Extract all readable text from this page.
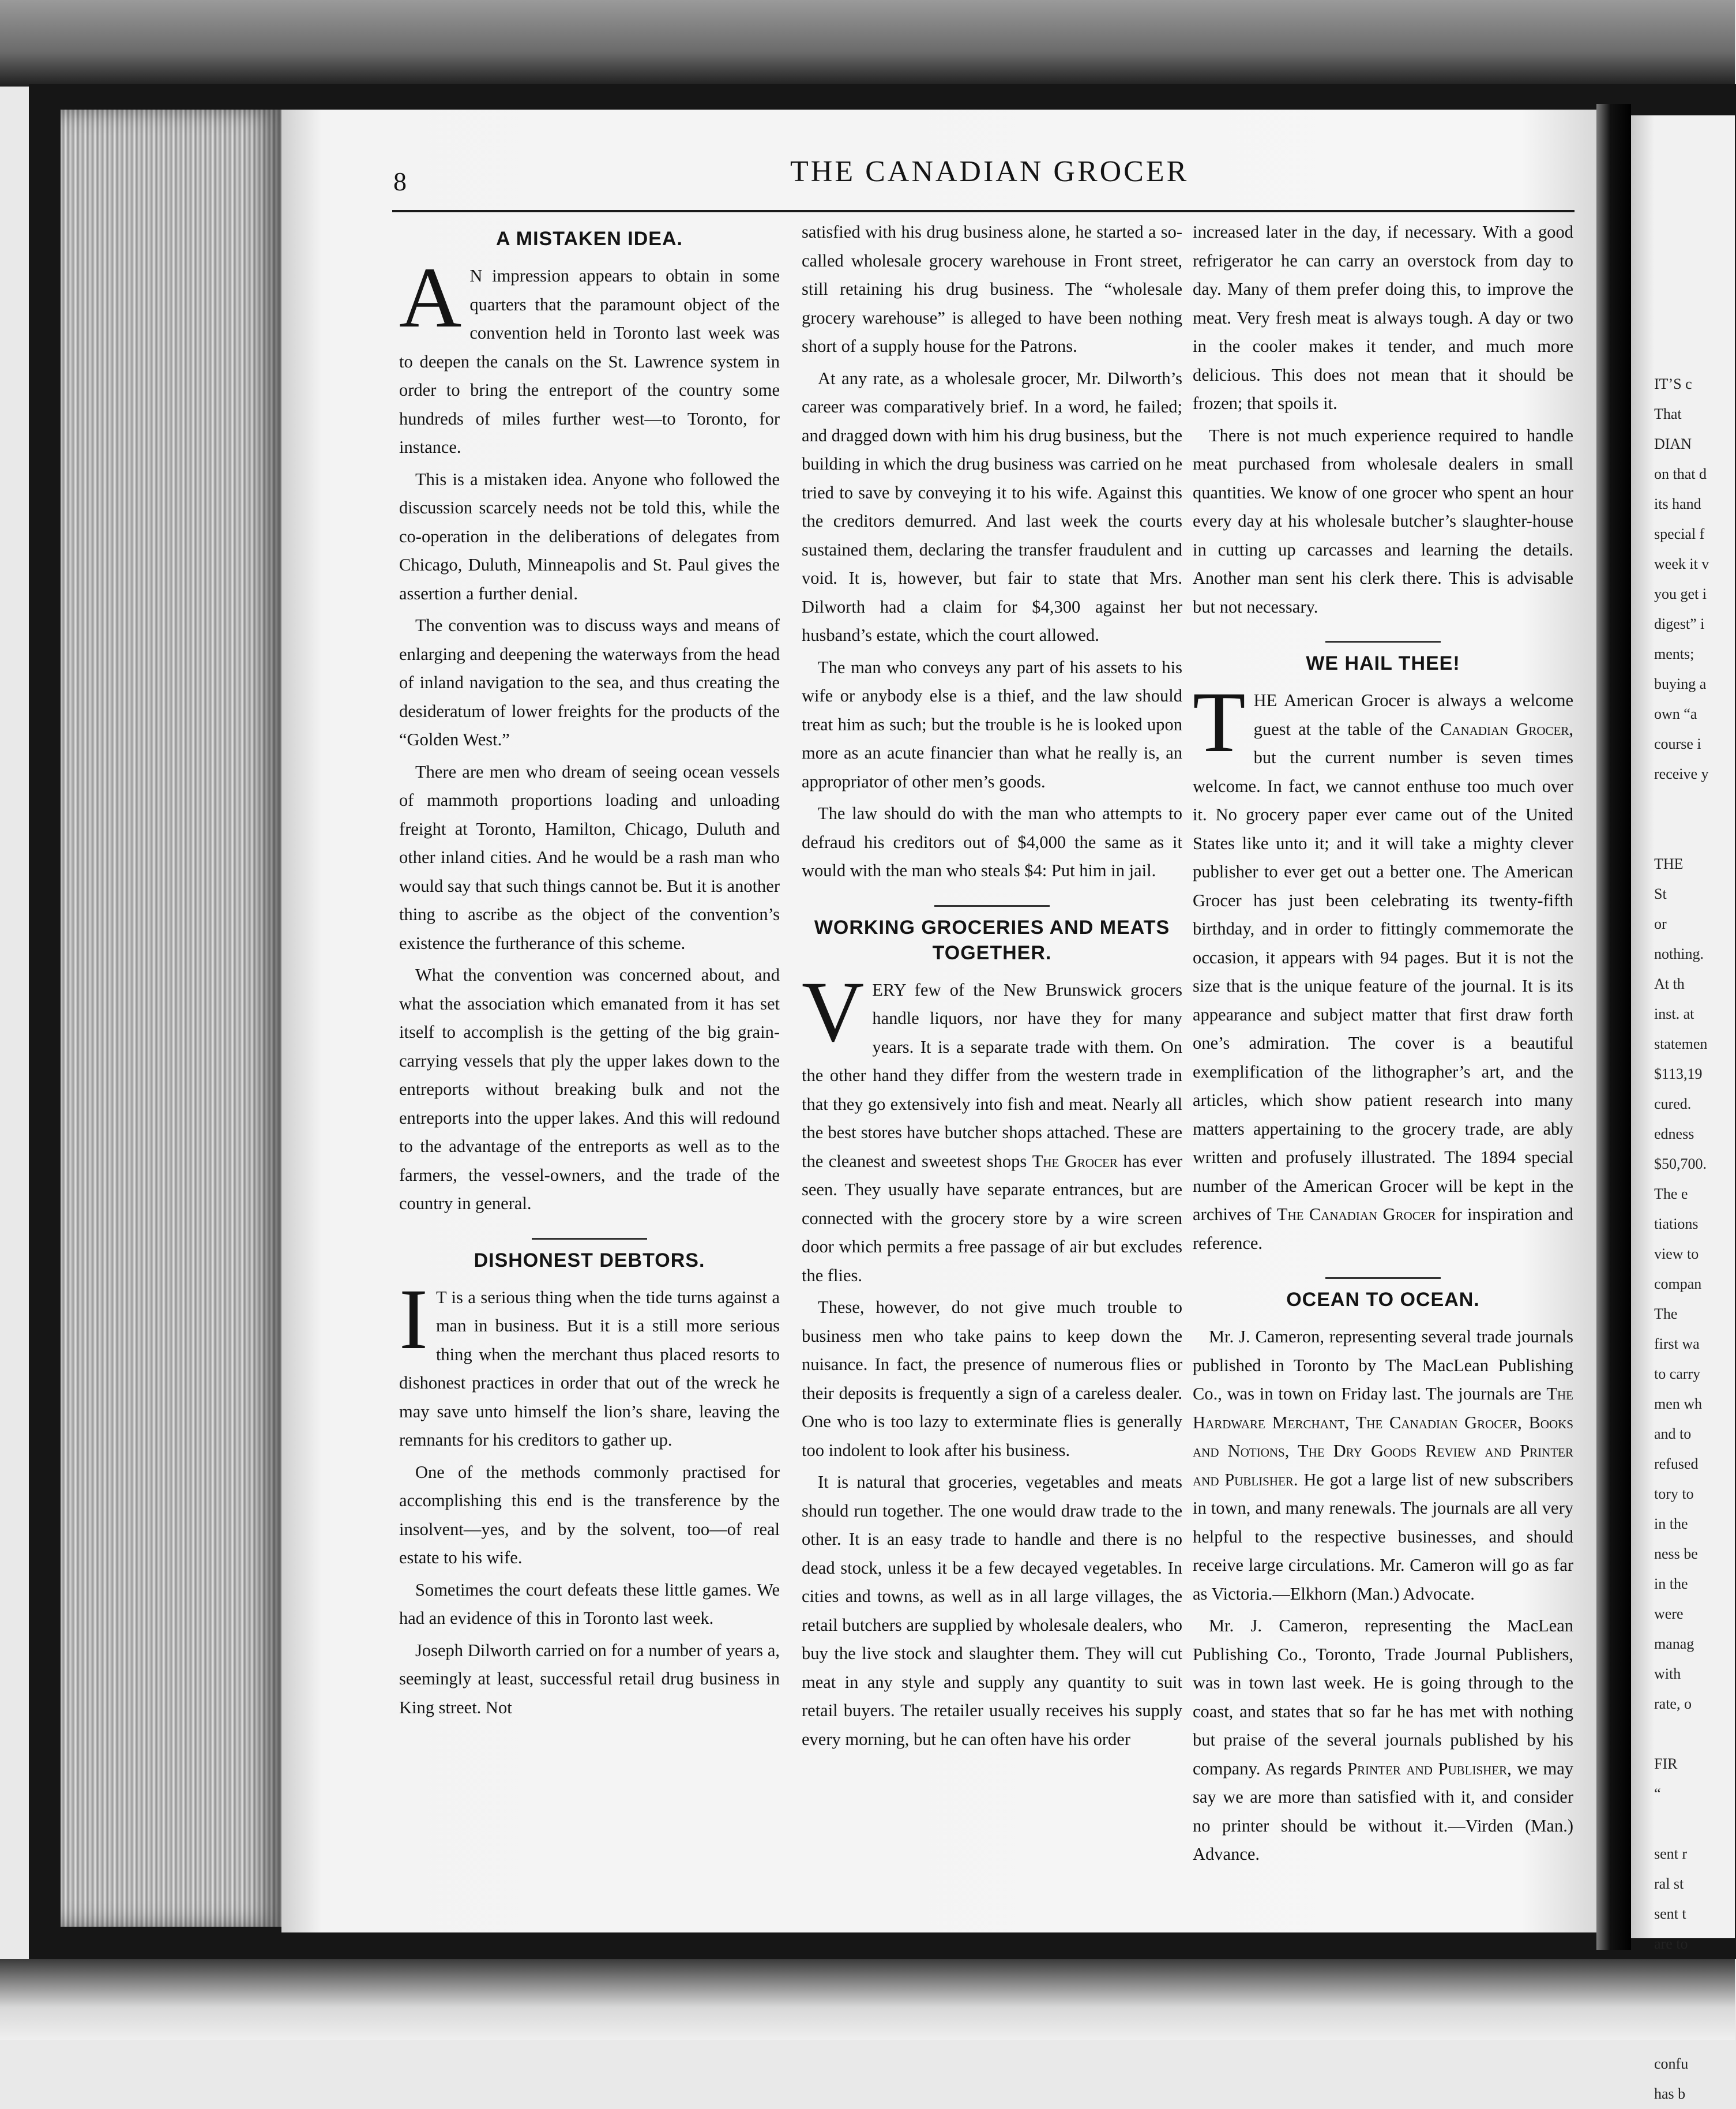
8	THE CANADIAN GROCER
A MISTAKEN IDEA.

A N impression appears to obtain in some quarters that the paramount object of the convention held in Toronto last week was to deepen the canals on the St. Lawrence system in order to bring the entreport of the country some hundreds of miles further west—to Toronto, for instance.

This is a mistaken idea. Anyone who followed the discussion scarcely needs not be told this, while the co-operation in the deliberations of delegates from Chicago, Duluth, Minneapolis and St. Paul gives the assertion a further denial.

The convention was to discuss ways and means of enlarging and deepening the waterways from the head of inland navigation to the sea, and thus creating the desideratum of lower freights for the products of the “Golden West.”

There are men who dream of seeing ocean vessels of mammoth proportions loading and unloading freight at Toronto, Hamilton, Chicago, Duluth and other inland cities. And he would be a rash man who would say that such things cannot be. But it is another thing to ascribe as the object of the convention’s existence the furtherance of this scheme.

What the convention was concerned about, and what the association which emanated from it has set itself to accomplish is the getting of the big grain-carrying vessels that ply the upper lakes down to the entreports without breaking bulk and not the entreports into the upper lakes. And this will redound to the advantage of the entreports as well as to the farmers, the vessel-owners, and the trade of the country in general.

DISHONEST DEBTORS.

I T is a serious thing when the tide turns against a man in business. But it is a still more serious thing when the merchant thus placed resorts to dishonest practices in order that out of the wreck he may save unto himself the lion’s share, leaving the remnants for his creditors to gather up.

One of the methods commonly practised for accomplishing this end is the transference by the insolvent—yes, and by the solvent, too—of real estate to his wife.

Sometimes the court defeats these little games. We had an evidence of this in Toronto last week.

Joseph Dilworth carried on for a number of years a, seemingly at least, successful retail drug business in King street. Not

satisfied with his drug business alone, he started a so-called wholesale grocery warehouse in Front street, still retaining his drug business. The “wholesale grocery warehouse” is alleged to have been nothing short of a supply house for the Patrons.

At any rate, as a wholesale grocer, Mr. Dilworth’s career was comparatively brief. In a word, he failed; and dragged down with him his drug business, but the building in which the drug business was carried on he tried to save by conveying it to his wife. Against this the creditors demurred. And last week the courts sustained them, declaring the transfer fraudulent and void. It is, however, but fair to state that Mrs. Dilworth had a claim for $4,300 against her husband’s estate, which the court allowed.

The man who conveys any part of his assets to his wife or anybody else is a thief, and the law should treat him as such; but the trouble is he is looked upon more as an acute financier than what he really is, an appropriator of other men’s goods.

The law should do with the man who attempts to defraud his creditors out of $4,000 the same as it would with the man who steals $4: Put him in jail.

WORKING GROCERIES AND MEATS TOGETHER.

VERY few of the New Brunswick grocers handle liquors, nor have they for many years. It is a separate trade with them. On the other hand they differ from the western trade in that they go extensively into fish and meat. Nearly all the best stores have butcher shops attached. These are the cleanest and sweetest shops The Grocer has ever seen. They usually have separate entrances, but are connected with the grocery store by a wire screen door which permits a free passage of air but excludes the flies.

These, however, do not give much trouble to business men who take pains to keep down the nuisance. In fact, the presence of numerous flies or their deposits is frequently a sign of a careless dealer. One who is too lazy to exterminate flies is generally too indolent to look after his business.

It is natural that groceries, vegetables and meats should run together. The one would draw trade to the other. It is an easy trade to handle and there is no dead stock, unless it be a few decayed vegetables. In cities and towns, as well as in all large villages, the retail butchers are supplied by wholesale dealers, who buy the live stock and slaughter them. They will cut meat in any style and supply any quantity to suit retail buyers. The retailer usually receives his supply every morning, but he can often have his order

increased later in the day, if necessary. With a good refrigerator he can carry an overstock from day to day. Many of them prefer doing this, to improve the meat. Very fresh meat is always tough. A day or two in the cooler makes it tender, and much more delicious. This does not mean that it should be frozen; that spoils it.

There is not much experience required to handle meat purchased from wholesale dealers in small quantities. We know of one grocer who spent an hour every day at his wholesale butcher’s slaughter-house in cutting up carcasses and learning the details. Another man sent his clerk there. This is advisable but not necessary.

WE HAIL THEE!

THE American Grocer is always a welcome guest at the table of the Canadian Grocer, but the current number is seven times welcome. In fact, we cannot enthuse too much over it. No grocery paper ever came out of the United States like unto it; and it will take a mighty clever publisher to ever get out a better one. The American Grocer has just been celebrating its twenty-fifth birthday, and in order to fittingly commemorate the occasion, it appears with 94 pages. But it is not the size that is the unique feature of the journal. It is its appearance and subject matter that first draw forth one’s admiration. The cover is a beautiful exemplification of the lithographer’s art, and the articles, which show patient research into many matters appertaining to the grocery trade, are ably written and profusely illustrated. The 1894 special number of the American Grocer will be kept in the archives of The Canadian Grocer for inspiration and reference.

OCEAN TO OCEAN.

Mr. J. Cameron, representing several trade journals published in Toronto by The MacLean Publishing Co., was in town on Friday last. The journals are The Hardware Merchant, The Canadian Grocer, Books and Notions, The Dry Goods Review and Printer and Publisher. He got a large list of new subscribers in town, and many renewals. The journals are all very helpful to the respective businesses, and should receive large circulations. Mr. Cameron will go as far as Victoria.—Elkhorn (Man.) Advocate.

Mr. J. Cameron, representing the MacLean Publishing Co., Toronto, Trade Journal Publishers, was in town last week. He is going through to the coast, and states that so far he has met with nothing but praise of the several journals published by his company. As regards Printer and Publisher, we may say we are more than satisfied with it, and consider no printer should be without it.—Virden (Man.) Advance.

IT’S c
That
DIAN
on that d
its hand
special f
week it v
you get i
digest” i
ments;
buying a
own “a
course i
receive y

THE
St
or
nothing.
At th
inst. at
statemen
$113,19
cured.
edness
$50,700.
The e
tiations
view to
compan
The
first wa
to carry
men wh
and to
refused
tory to
in the
ness be
in the
were
manag
with
rate, o

FIR
“

sent r
ral st
sent t
are to
confu
has b
